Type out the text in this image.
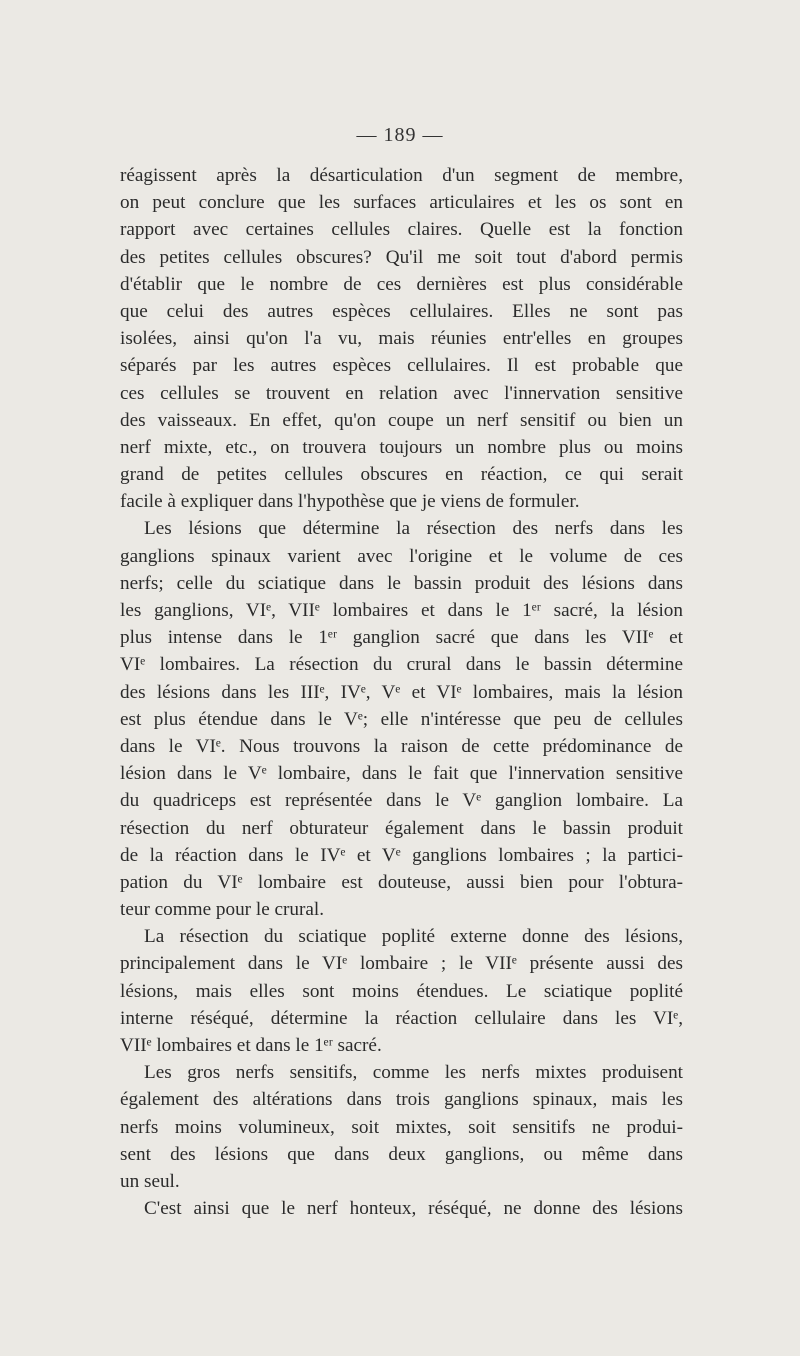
— 189 —
réagissent après la désarticulation d'un segment de membre,
on peut conclure que les surfaces articulaires et les os sont en
rapport avec certaines cellules claires. Quelle est la fonction
des petites cellules obscures? Qu'il me soit tout d'abord permis
d'établir que le nombre de ces dernières est plus considérable
que celui des autres espèces cellulaires. Elles ne sont pas
isolées, ainsi qu'on l'a vu, mais réunies entr'elles en groupes
séparés par les autres espèces cellulaires. Il est probable que
ces cellules se trouvent en relation avec l'innervation sensitive
des vaisseaux. En effet, qu'on coupe un nerf sensitif ou bien un
nerf mixte, etc., on trouvera toujours un nombre plus ou moins
grand de petites cellules obscures en réaction, ce qui serait
facile à expliquer dans l'hypothèse que je viens de formuler.
Les lésions que détermine la résection des nerfs dans les
ganglions spinaux varient avec l'origine et le volume de ces
nerfs; celle du sciatique dans le bassin produit des lésions dans
les ganglions, VIᵉ, VIIᵉ lombaires et dans le 1ᵉʳ sacré, la lésion
plus intense dans le 1ᵉʳ ganglion sacré que dans les VIIᵉ et
VIᵉ lombaires. La résection du crural dans le bassin détermine
des lésions dans les IIIᵉ, IVᵉ, Vᵉ et VIᵉ lombaires, mais la lésion
est plus étendue dans le Vᵉ; elle n'intéresse que peu de cellules
dans le VIᵉ. Nous trouvons la raison de cette prédominance de
lésion dans le Vᵉ lombaire, dans le fait que l'innervation sensitive
du quadriceps est représentée dans le Vᵉ ganglion lombaire. La
résection du nerf obturateur également dans le bassin produit
de la réaction dans le IVᵉ et Vᵉ ganglions lombaires ; la partici-
pation du VIᵉ lombaire est douteuse, aussi bien pour l'obtura-
teur comme pour le crural.
La résection du sciatique poplité externe donne des lésions,
principalement dans le VIᵉ lombaire ; le VIIᵉ présente aussi des
lésions, mais elles sont moins étendues. Le sciatique poplité
interne réséqué, détermine la réaction cellulaire dans les VIᵉ,
VIIᵉ lombaires et dans le 1ᵉʳ sacré.
Les gros nerfs sensitifs, comme les nerfs mixtes produisent
également des altérations dans trois ganglions spinaux, mais les
nerfs moins volumineux, soit mixtes, soit sensitifs ne produi-
sent des lésions que dans deux ganglions, ou même dans
un seul.
C'est ainsi que le nerf honteux, réséqué, ne donne des lésions
